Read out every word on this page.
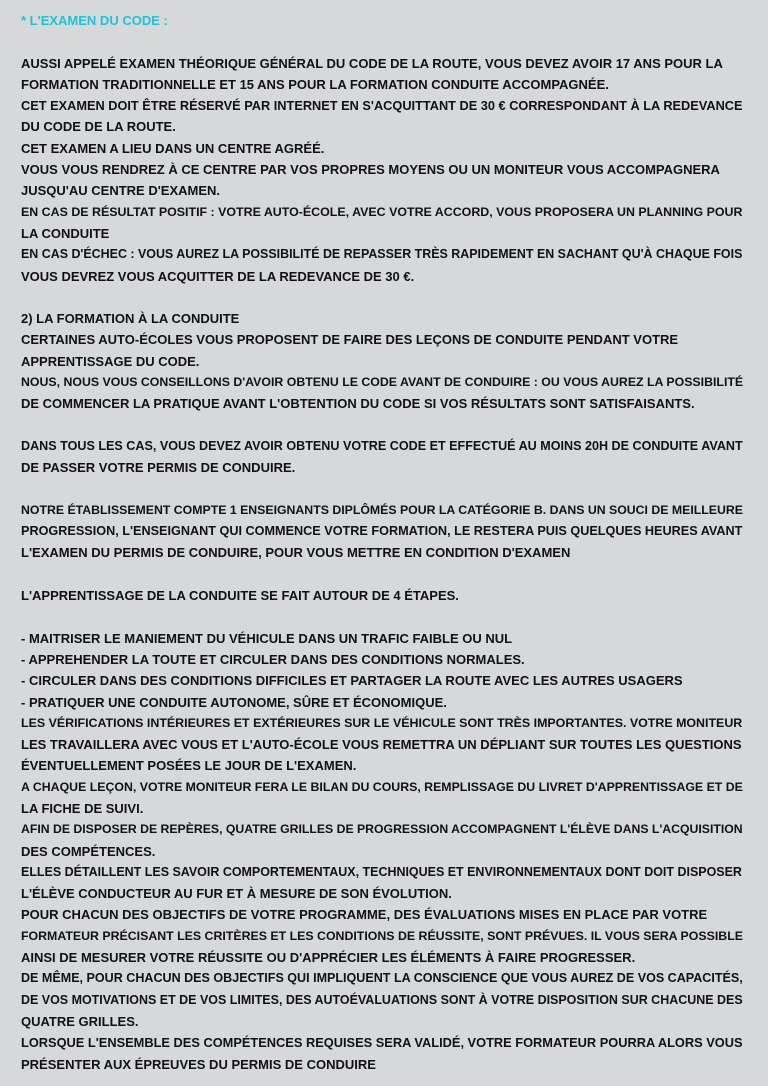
* L'EXAMEN DU CODE :
AUSSI APPELÉ EXAMEN THÉORIQUE GÉNÉRAL DU CODE DE LA ROUTE, VOUS DEVEZ AVOIR 17 ANS POUR LA
FORMATION TRADITIONNELLE ET 15 ANS POUR LA FORMATION CONDUITE ACCOMPAGNÉE.
CET EXAMEN DOIT ÊTRE RÉSERVÉ PAR INTERNET EN S'ACQUITTANT DE 30 € CORRESPONDANT À LA REDEVANCE
DU CODE DE LA ROUTE.
CET EXAMEN A LIEU DANS UN CENTRE AGRÉÉ.
VOUS VOUS RENDREZ À CE CENTRE PAR VOS PROPRES MOYENS OU UN MONITEUR VOUS ACCOMPAGNERA
JUSQU'AU CENTRE D'EXAMEN.
EN CAS DE RÉSULTAT POSITIF : VOTRE AUTO-ÉCOLE, AVEC VOTRE ACCORD, VOUS PROPOSERA UN PLANNING POUR
LA CONDUITE
EN CAS D'ÉCHEC : VOUS AUREZ LA POSSIBILITÉ DE REPASSER TRÈS RAPIDEMENT EN SACHANT QU'À CHAQUE FOIS
VOUS DEVREZ VOUS ACQUITTER DE LA REDEVANCE DE 30 €.
2) LA FORMATION À LA CONDUITE
CERTAINES AUTO-ÉCOLES VOUS PROPOSENT DE FAIRE DES LEÇONS DE CONDUITE PENDANT VOTRE
APPRENTISSAGE DU CODE.
NOUS, NOUS VOUS CONSEILLONS D'AVOIR OBTENU LE CODE AVANT DE CONDUIRE : OU VOUS AUREZ LA POSSIBILITÉ
DE COMMENCER LA PRATIQUE AVANT L'OBTENTION DU CODE SI VOS RÉSULTATS SONT SATISFAISANTS.
DANS TOUS LES CAS, VOUS DEVEZ AVOIR OBTENU VOTRE CODE ET EFFECTUÉ AU MOINS 20H DE CONDUITE AVANT
DE PASSER VOTRE PERMIS DE CONDUIRE.
NOTRE ÉTABLISSEMENT COMPTE 1 ENSEIGNANTS DIPLÔMÉS POUR LA CATÉGORIE B. DANS UN SOUCI DE MEILLEURE
PROGRESSION, L'ENSEIGNANT QUI COMMENCE VOTRE FORMATION, LE RESTERA PUIS QUELQUES HEURES AVANT
L'EXAMEN DU PERMIS DE CONDUIRE, POUR VOUS METTRE EN CONDITION D'EXAMEN
L'APPRENTISSAGE DE LA CONDUITE SE FAIT AUTOUR DE 4 ÉTAPES.
- MAITRISER LE MANIEMENT DU VÉHICULE DANS UN TRAFIC FAIBLE OU NUL
- APPREHENDER LA TOUTE ET CIRCULER DANS DES CONDITIONS NORMALES.
- CIRCULER DANS DES CONDITIONS DIFFICILES ET PARTAGER LA ROUTE AVEC LES AUTRES USAGERS
- PRATIQUER UNE CONDUITE AUTONOME, SÛRE ET ÉCONOMIQUE.
LES VÉRIFICATIONS INTÉRIEURES ET EXTÉRIEURES SUR LE VÉHICULE SONT TRÈS IMPORTANTES. VOTRE MONITEUR
LES TRAVAILLERA AVEC VOUS ET L'AUTO-ÉCOLE VOUS REMETTRA UN DÉPLIANT SUR TOUTES LES QUESTIONS
ÉVENTUELLEMENT POSÉES LE JOUR DE L'EXAMEN.
A CHAQUE LEÇON, VOTRE MONITEUR FERA LE BILAN DU COURS, REMPLISSAGE DU LIVRET D'APPRENTISSAGE ET DE
LA FICHE DE SUIVI.
AFIN DE DISPOSER DE REPÈRES, QUATRE GRILLES DE PROGRESSION ACCOMPAGNENT L'ÉLÈVE DANS L'ACQUISITION
DES COMPÉTENCES.
ELLES DÉTAILLENT LES SAVOIR COMPORTEMENTAUX, TECHNIQUES ET ENVIRONNEMENTAUX DONT DOIT DISPOSER
L'ÉLÈVE CONDUCTEUR AU FUR ET À MESURE DE SON ÉVOLUTION.
POUR CHACUN DES OBJECTIFS DE VOTRE PROGRAMME, DES ÉVALUATIONS MISES EN PLACE PAR VOTRE
FORMATEUR PRÉCISANT LES CRITÈRES ET LES CONDITIONS DE RÉUSSITE, SONT PRÉVUES. IL VOUS SERA POSSIBLE
AINSI DE MESURER VOTRE RÉUSSITE OU D'APPRÉCIER LES ÉLÉMENTS À FAIRE PROGRESSER.
DE MÊME, POUR CHACUN DES OBJECTIFS QUI IMPLIQUENT LA CONSCIENCE QUE VOUS AUREZ DE VOS CAPACITÉS,
DE VOS MOTIVATIONS ET DE VOS LIMITES, DES AUTOÉVALUATIONS SONT À VOTRE DISPOSITION SUR CHACUNE DES
QUATRE GRILLES.
LORSQUE L'ENSEMBLE DES COMPÉTENCES REQUISES SERA VALIDÉ, VOTRE FORMATEUR POURRA ALORS VOUS
PRÉSENTER AUX ÉPREUVES DU PERMIS DE CONDUIRE
